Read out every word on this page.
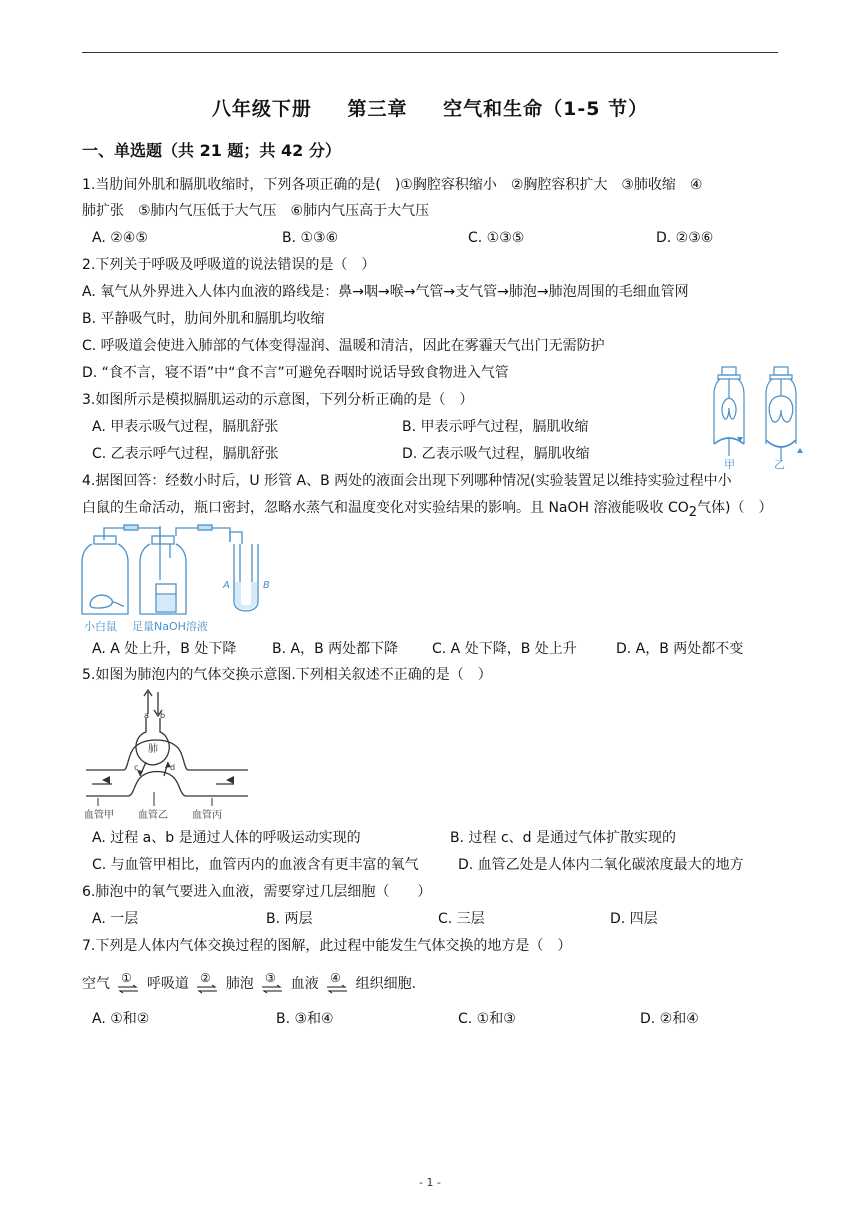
八年级下册 第三章 空气和生命（1-5 节）
一、单选题（共 21 题；共 42 分）
1.当肋间外肌和膈肌收缩时，下列各项正确的是(　)①胸腔容积缩小　②胸腔容积扩大　③肺收缩　④
肺扩张　⑤肺内气压低于大气压　⑥肺内气压高于大气压
A. ②④⑤	B. ①③⑥	C. ①③⑤	D. ②③⑥
2.下列关于呼吸及呼吸道的说法错误的是（　）
A. 氧气从外界进入人体内血液的路线是：鼻→咽→喉→气管→支气管→肺泡→肺泡周围的毛细血管网
B. 平静吸气时，肋间外肌和膈肌均收缩
C. 呼吸道会使进入肺部的气体变得湿润、温暖和清洁，因此在雾霾天气出门无需防护
D. “食不言，寝不语”中“食不言”可避免吞咽时说话导致食物进入气管
3.如图所示是模拟膈肌运动的示意图，下列分析正确的是（　）
A. 甲表示吸气过程，膈肌舒张	B. 甲表示呼气过程，膈肌收缩
C. 乙表示呼气过程，膈肌舒张	D. 乙表示吸气过程，膈肌收缩
甲	乙
4.据图回答：经数小时后，U 形管 A、B 两处的液面会出现下列哪种情况(实验装置足以维持实验过程中小
白鼠的生命活动，瓶口密封，忽略水蒸气和温度变化对实验结果的影响。且 NaOH 溶液能吸收 $CO_2$气体)（　）
A	B
小白鼠 足量NaOH溶液
A. A 处上升，B 处下降	B. A，B 两处都下降 C. A 处下降，B 处上升	D. A，B 两处都不变
5.如图为肺泡内的气体交换示意图.下列相关叙述不正确的是（　）
a b
肺
c	d
血管甲 血管乙 血管丙
A. 过程 a、b 是通过人体的呼吸运动实现的	B. 过程 c、d 是通过气体扩散实现的
C. 与血管甲相比，血管丙内的血液含有更丰富的氧气	D. 血管乙处是人体内二氧化碳浓度最大的地方
6.肺泡中的氧气要进入血液，需要穿过几层细胞（　　）
A. 一层	B. 两层	C. 三层	D. 四层
7.下列是人体内气体交换过程的图解，此过程中能发生气体交换的地方是（　）
空气 ① 呼吸道 ② 肺泡 ③ 血液 ④ 组织细胞.
A. ①和②	B. ③和④	C. ①和③	D. ②和④
- 1 -
